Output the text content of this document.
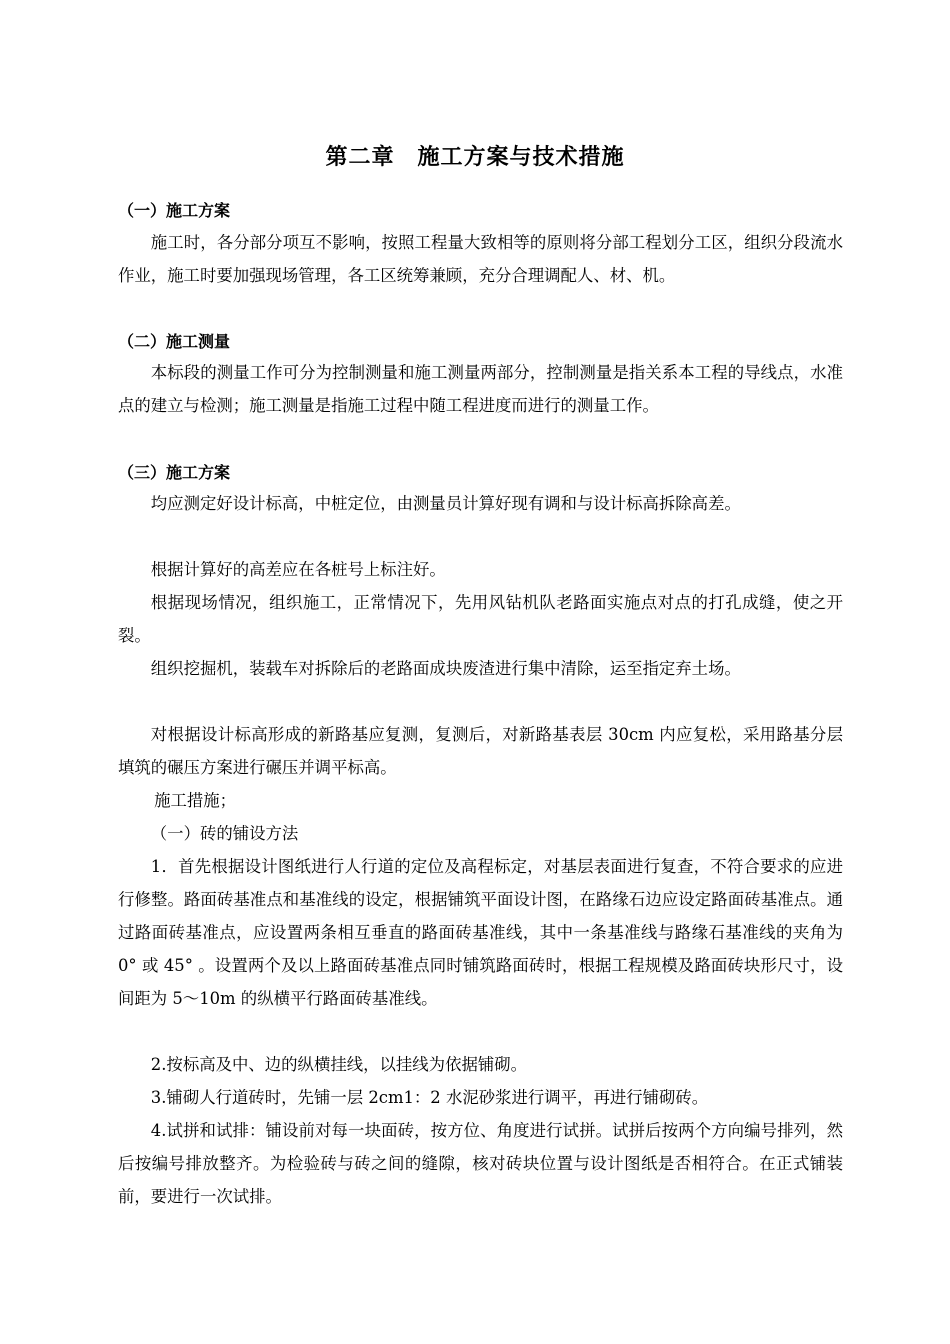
第二章　施工方案与技术措施
（一）施工方案
施工时，各分部分项互不影响，按照工程量大致相等的原则将分部工程划分工区，组织分段流水作业，施工时要加强现场管理，各工区统筹兼顾，充分合理调配人、材、机。
（二）施工测量
本标段的测量工作可分为控制测量和施工测量两部分，控制测量是指关系本工程的导线点，水准点的建立与检测；施工测量是指施工过程中随工程进度而进行的测量工作。
（三）施工方案
均应测定好设计标高，中桩定位，由测量员计算好现有调和与设计标高拆除高差。
根据计算好的高差应在各桩号上标注好。
根据现场情况，组织施工，正常情况下，先用风钻机队老路面实施点对点的打孔成缝，使之开裂。
组织挖掘机，装载车对拆除后的老路面成块废渣进行集中清除，运至指定弃土场。
对根据设计标高形成的新路基应复测，复测后，对新路基表层 30cm 内应复松，采用路基分层填筑的碾压方案进行碾压并调平标高。
施工措施；
（一）砖的铺设方法
1．首先根据设计图纸进行人行道的定位及高程标定，对基层表面进行复查，不符合要求的应进行修整。路面砖基准点和基准线的设定，根据铺筑平面设计图，在路缘石边应设定路面砖基准点。通过路面砖基准点，应设置两条相互垂直的路面砖基准线，其中一条基准线与路缘石基准线的夹角为 0° 或 45° 。设置两个及以上路面砖基准点同时铺筑路面砖时，根据工程规模及路面砖块形尺寸，设间距为 5～10m 的纵横平行路面砖基准线。
2.按标高及中、边的纵横挂线，以挂线为依据铺砌。
3.铺砌人行道砖时，先铺一层 2cm1：2 水泥砂浆进行调平，再进行铺砌砖。
4.试拼和试排：铺设前对每一块面砖，按方位、角度进行试拼。试拼后按两个方向编号排列，然后按编号排放整齐。为检验砖与砖之间的缝隙，核对砖块位置与设计图纸是否相符合。在正式铺装前，要进行一次试排。
